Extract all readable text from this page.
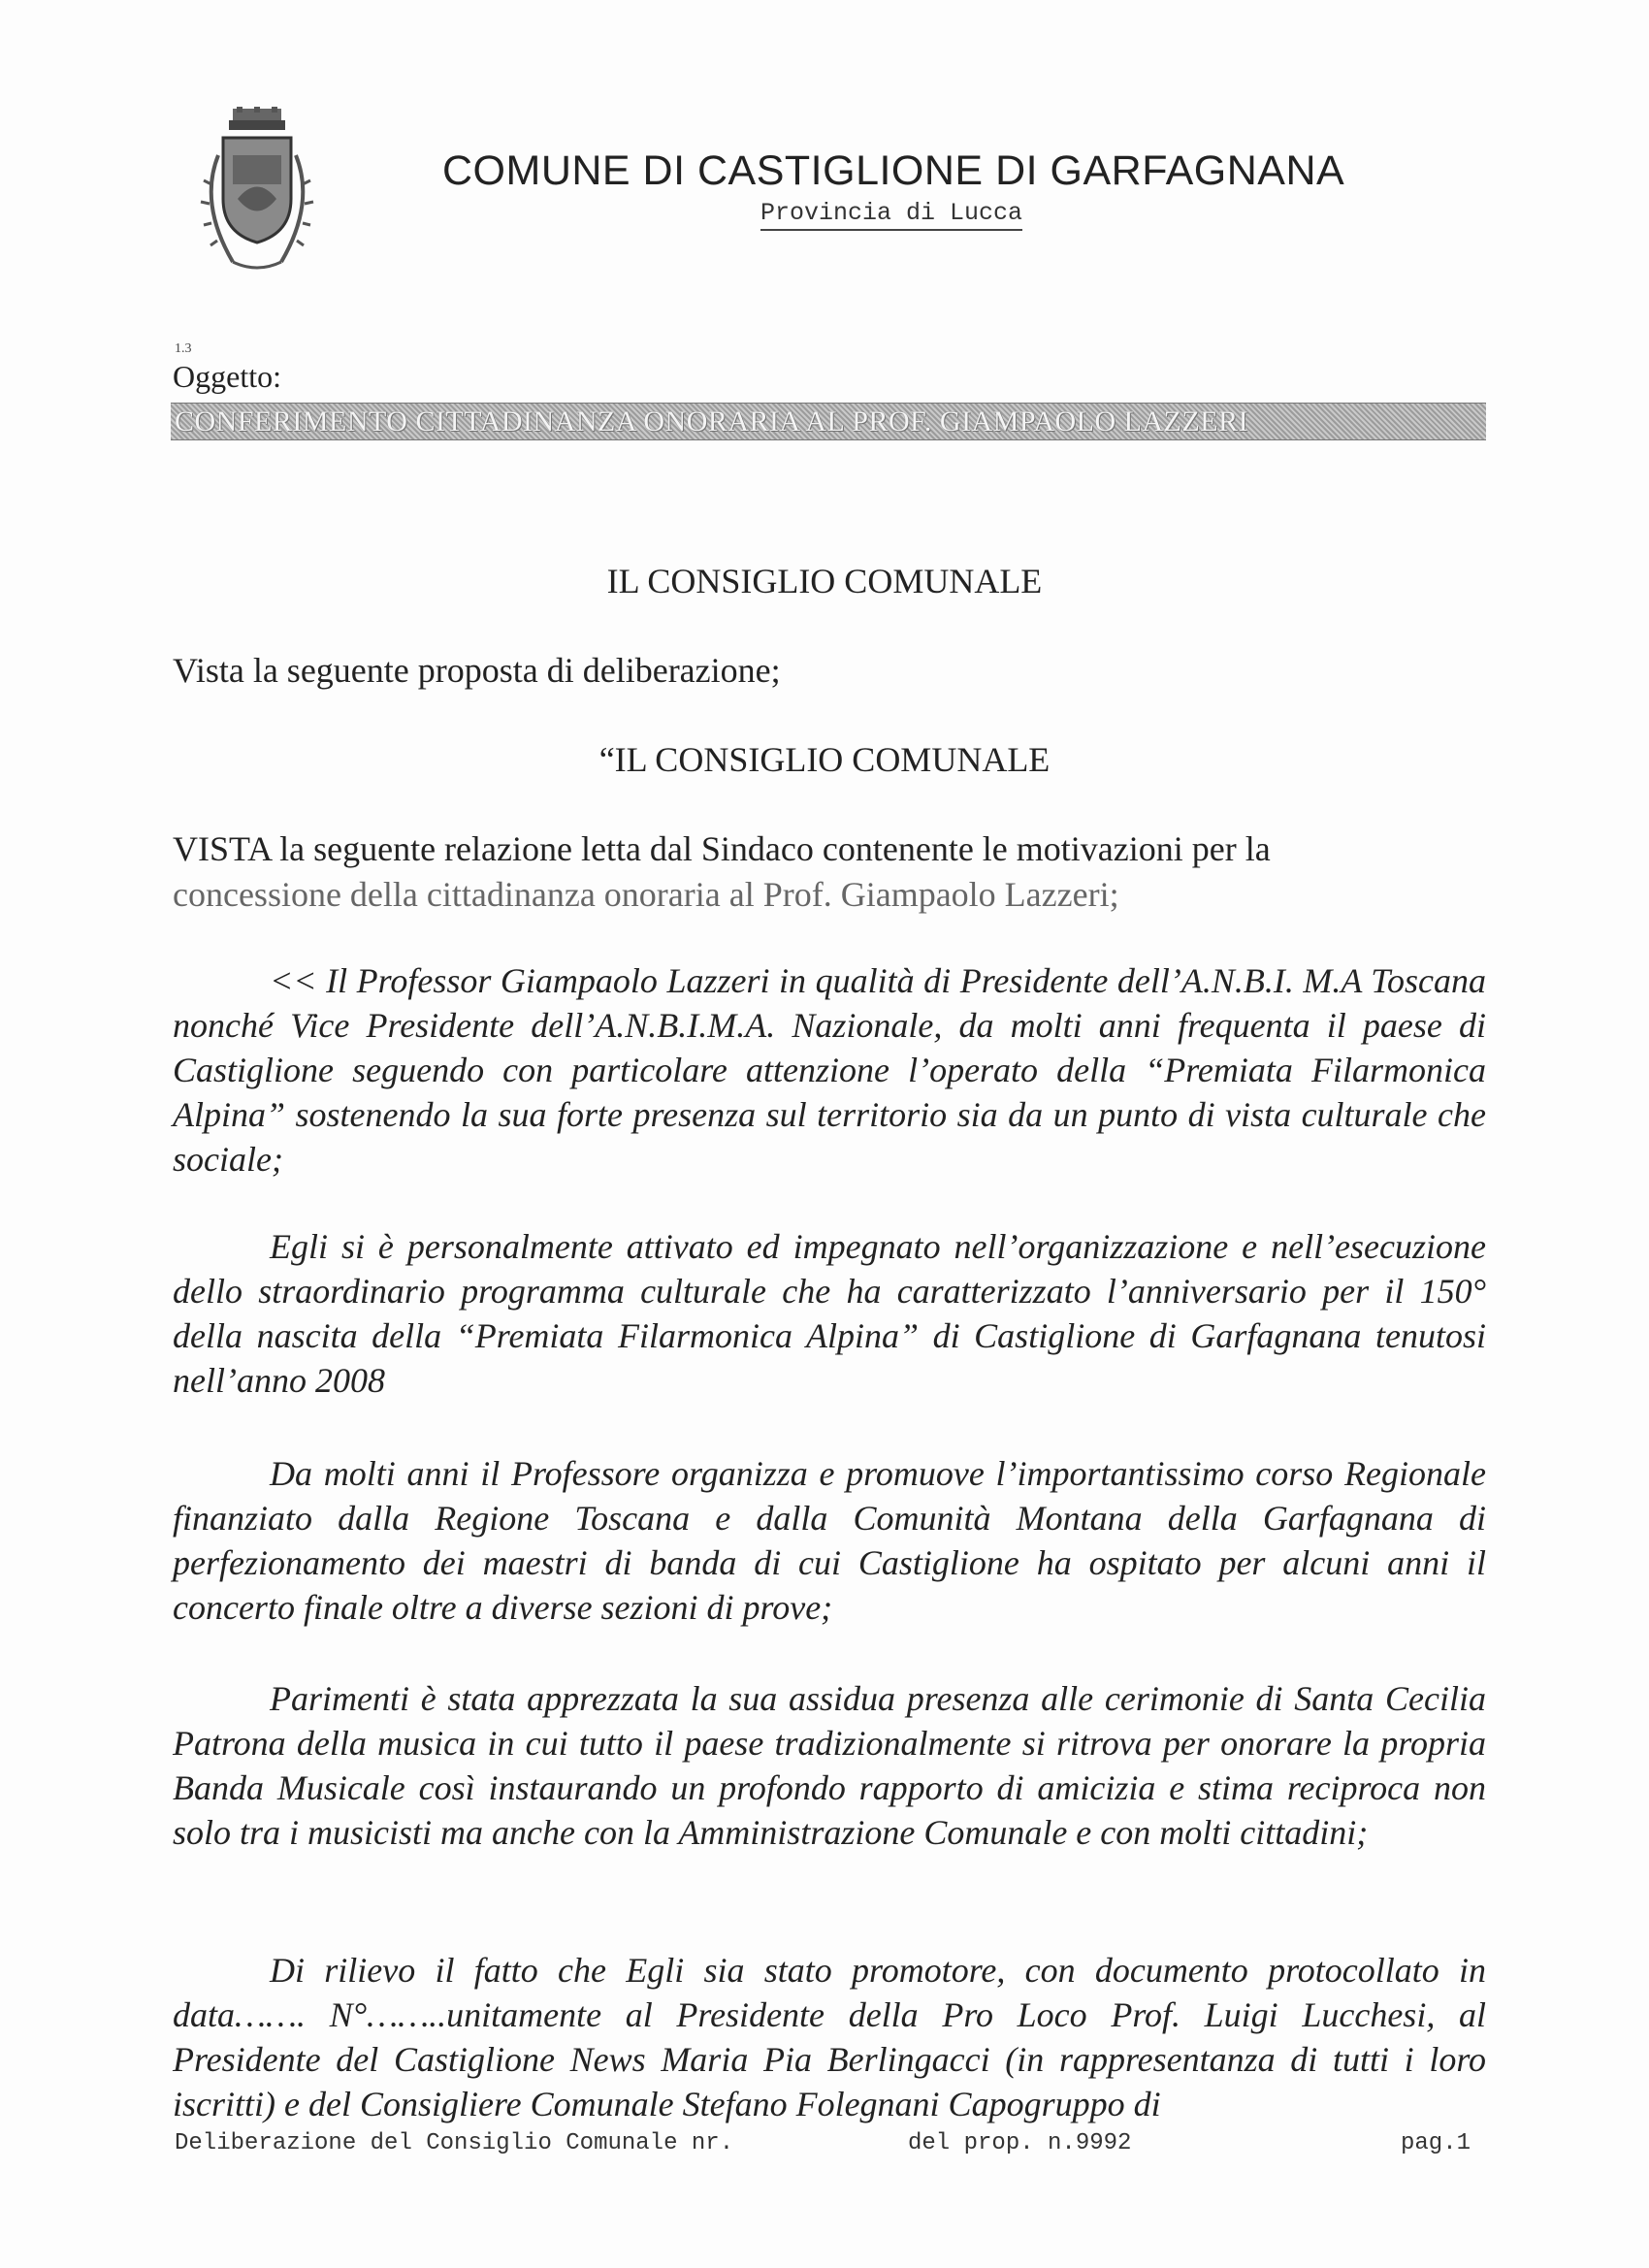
COMUNE DI CASTIGLIONE DI GARFAGNANA
Provincia di Lucca
1.3
Oggetto:
CONFERIMENTO CITTADINANZA ONORARIA AL PROF. GIAMPAOLO LAZZERI
IL CONSIGLIO COMUNALE
Vista la seguente proposta di deliberazione;
“IL CONSIGLIO COMUNALE
VISTA la seguente relazione letta dal Sindaco contenente le motivazioni per la
concessione della cittadinanza onoraria al Prof. Giampaolo Lazzeri;
<< Il Professor Giampaolo Lazzeri in qualità di Presidente dell’A.N.B.I. M.A Toscana nonché Vice Presidente dell’A.N.B.I.M.A. Nazionale, da molti anni frequenta il paese di Castiglione seguendo con particolare attenzione l’operato della “Premiata Filarmonica Alpina” sostenendo la sua forte presenza sul territorio sia da un punto di vista culturale che sociale;
Egli si è personalmente attivato ed impegnato nell’organizzazione e nell’esecuzione dello straordinario programma culturale che ha caratterizzato l’anniversario per il 150° della nascita della “Premiata Filarmonica Alpina” di Castiglione di Garfagnana tenutosi nell’anno 2008
Da molti anni il Professore organizza e promuove l’importantissimo corso Regionale finanziato dalla Regione Toscana e dalla Comunità Montana della Garfagnana di perfezionamento dei maestri di banda di cui Castiglione ha ospitato per alcuni anni il concerto finale oltre a diverse sezioni di prove;
Parimenti è stata apprezzata la sua assidua presenza alle cerimonie di Santa Cecilia Patrona della musica in cui tutto il paese tradizionalmente si ritrova per onorare la propria Banda Musicale così instaurando un profondo rapporto di amicizia e stima reciproca non solo tra i musicisti ma anche con la Amministrazione Comunale e con molti cittadini;
Di rilievo il fatto che Egli sia stato promotore, con documento protocollato in data……. N°……..unitamente al Presidente della Pro Loco Prof. Luigi Lucchesi, al Presidente del Castiglione News Maria Pia Berlingacci (in rappresentanza di tutti i loro iscritti) e del Consigliere Comunale Stefano Folegnani Capogruppo di
Deliberazione del Consiglio Comunale nr.	del prop. n.9992	pag.1
